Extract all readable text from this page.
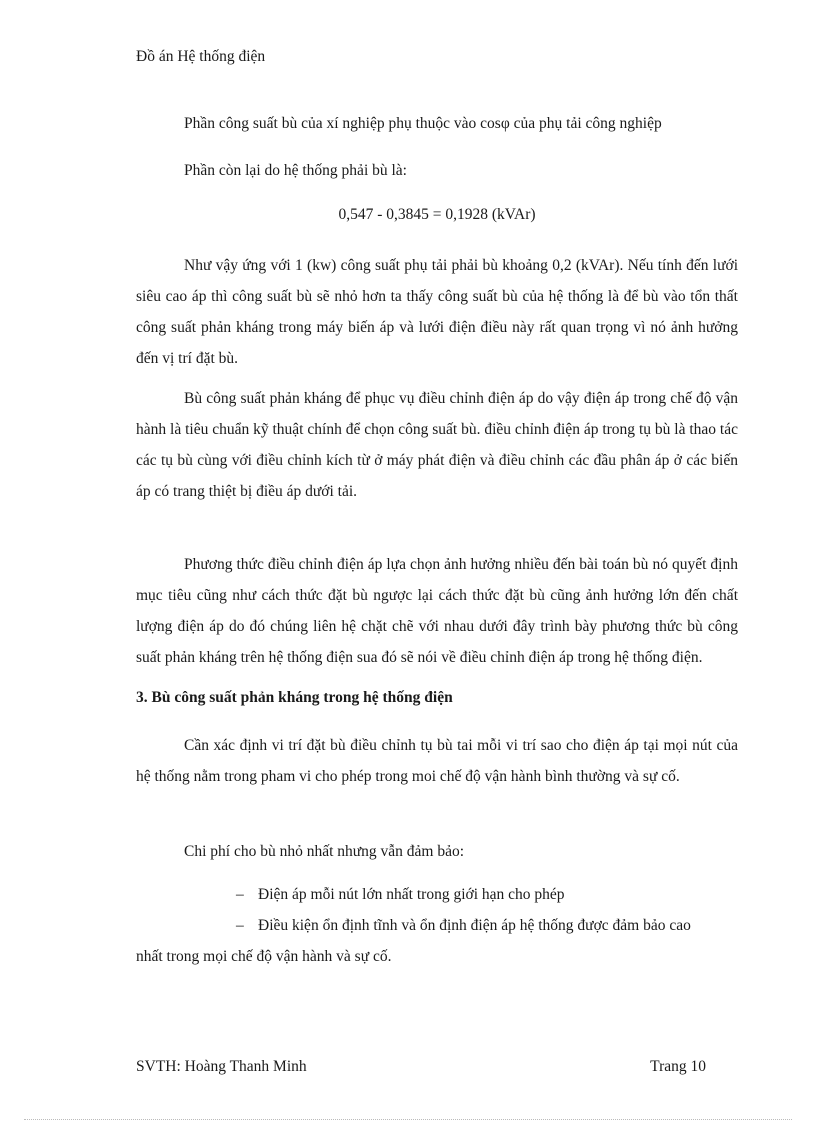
Đồ án Hệ thống điện

Phần công suất bù của xí nghiệp phụ thuộc vào cosφ của phụ tải công nghiệp

Phần còn lại do hệ thống phải bù là:

0,547 - 0,3845 = 0,1928 (kVAr)

Như vậy ứng với 1 (kw) công suất phụ tải phải bù khoảng 0,2 (kVAr). Nếu tính đến lưới siêu cao áp thì công suất bù sẽ nhỏ hơn ta thấy công suất bù của hệ thống là để bù vào tổn thất công suất phản kháng trong máy biến áp và lưới điện điều này rất quan trọng vì nó ảnh hưởng đến vị trí đặt bù.

Bù công suất phản kháng để phục vụ điều chỉnh điện áp do vậy điện áp trong chế độ vận hành là tiêu chuẩn kỹ thuật chính để chọn công suất bù. điều chỉnh điện áp trong tụ bù là thao tác các tụ bù cùng với điều chỉnh kích từ ở máy phát điện và điều chỉnh các đầu phân áp ở các biến áp có trang thiệt bị điều áp dưới tải.

Phương thức điều chỉnh điện áp lựa chọn ảnh hưởng nhiều đến bài toán bù nó quyết định mục tiêu cũng như cách thức đặt bù ngược lại cách thức đặt bù cũng ảnh hưởng lớn đến chất lượng điện áp do đó chúng liên hệ chặt chẽ với nhau dưới đây trình bày phương thức bù công suất phản kháng trên hệ thống điện sua đó sẽ nói về điều chỉnh điện áp trong hệ thống điện.

3. Bù công suất phản kháng trong hệ thống điện

Cần xác định vi trí đặt bù điều chỉnh tụ bù tai mỗi vi trí sao cho điện áp tại mọi nút của hệ thống nằm trong pham vi cho phép trong moi chế độ vận hành bình thường và sự cố.

Chi phí cho bù nhỏ nhất nhưng vẫn đảm bảo:

– Điện áp mỗi nút lớn nhất trong giới hạn cho phép
– Điều kiện ổn định tĩnh và ổn định điện áp hệ thống được đảm bảo cao

nhất trong mọi chế độ vận hành và sự cố.

SVTH: Hoàng Thanh Minh	Trang 10
